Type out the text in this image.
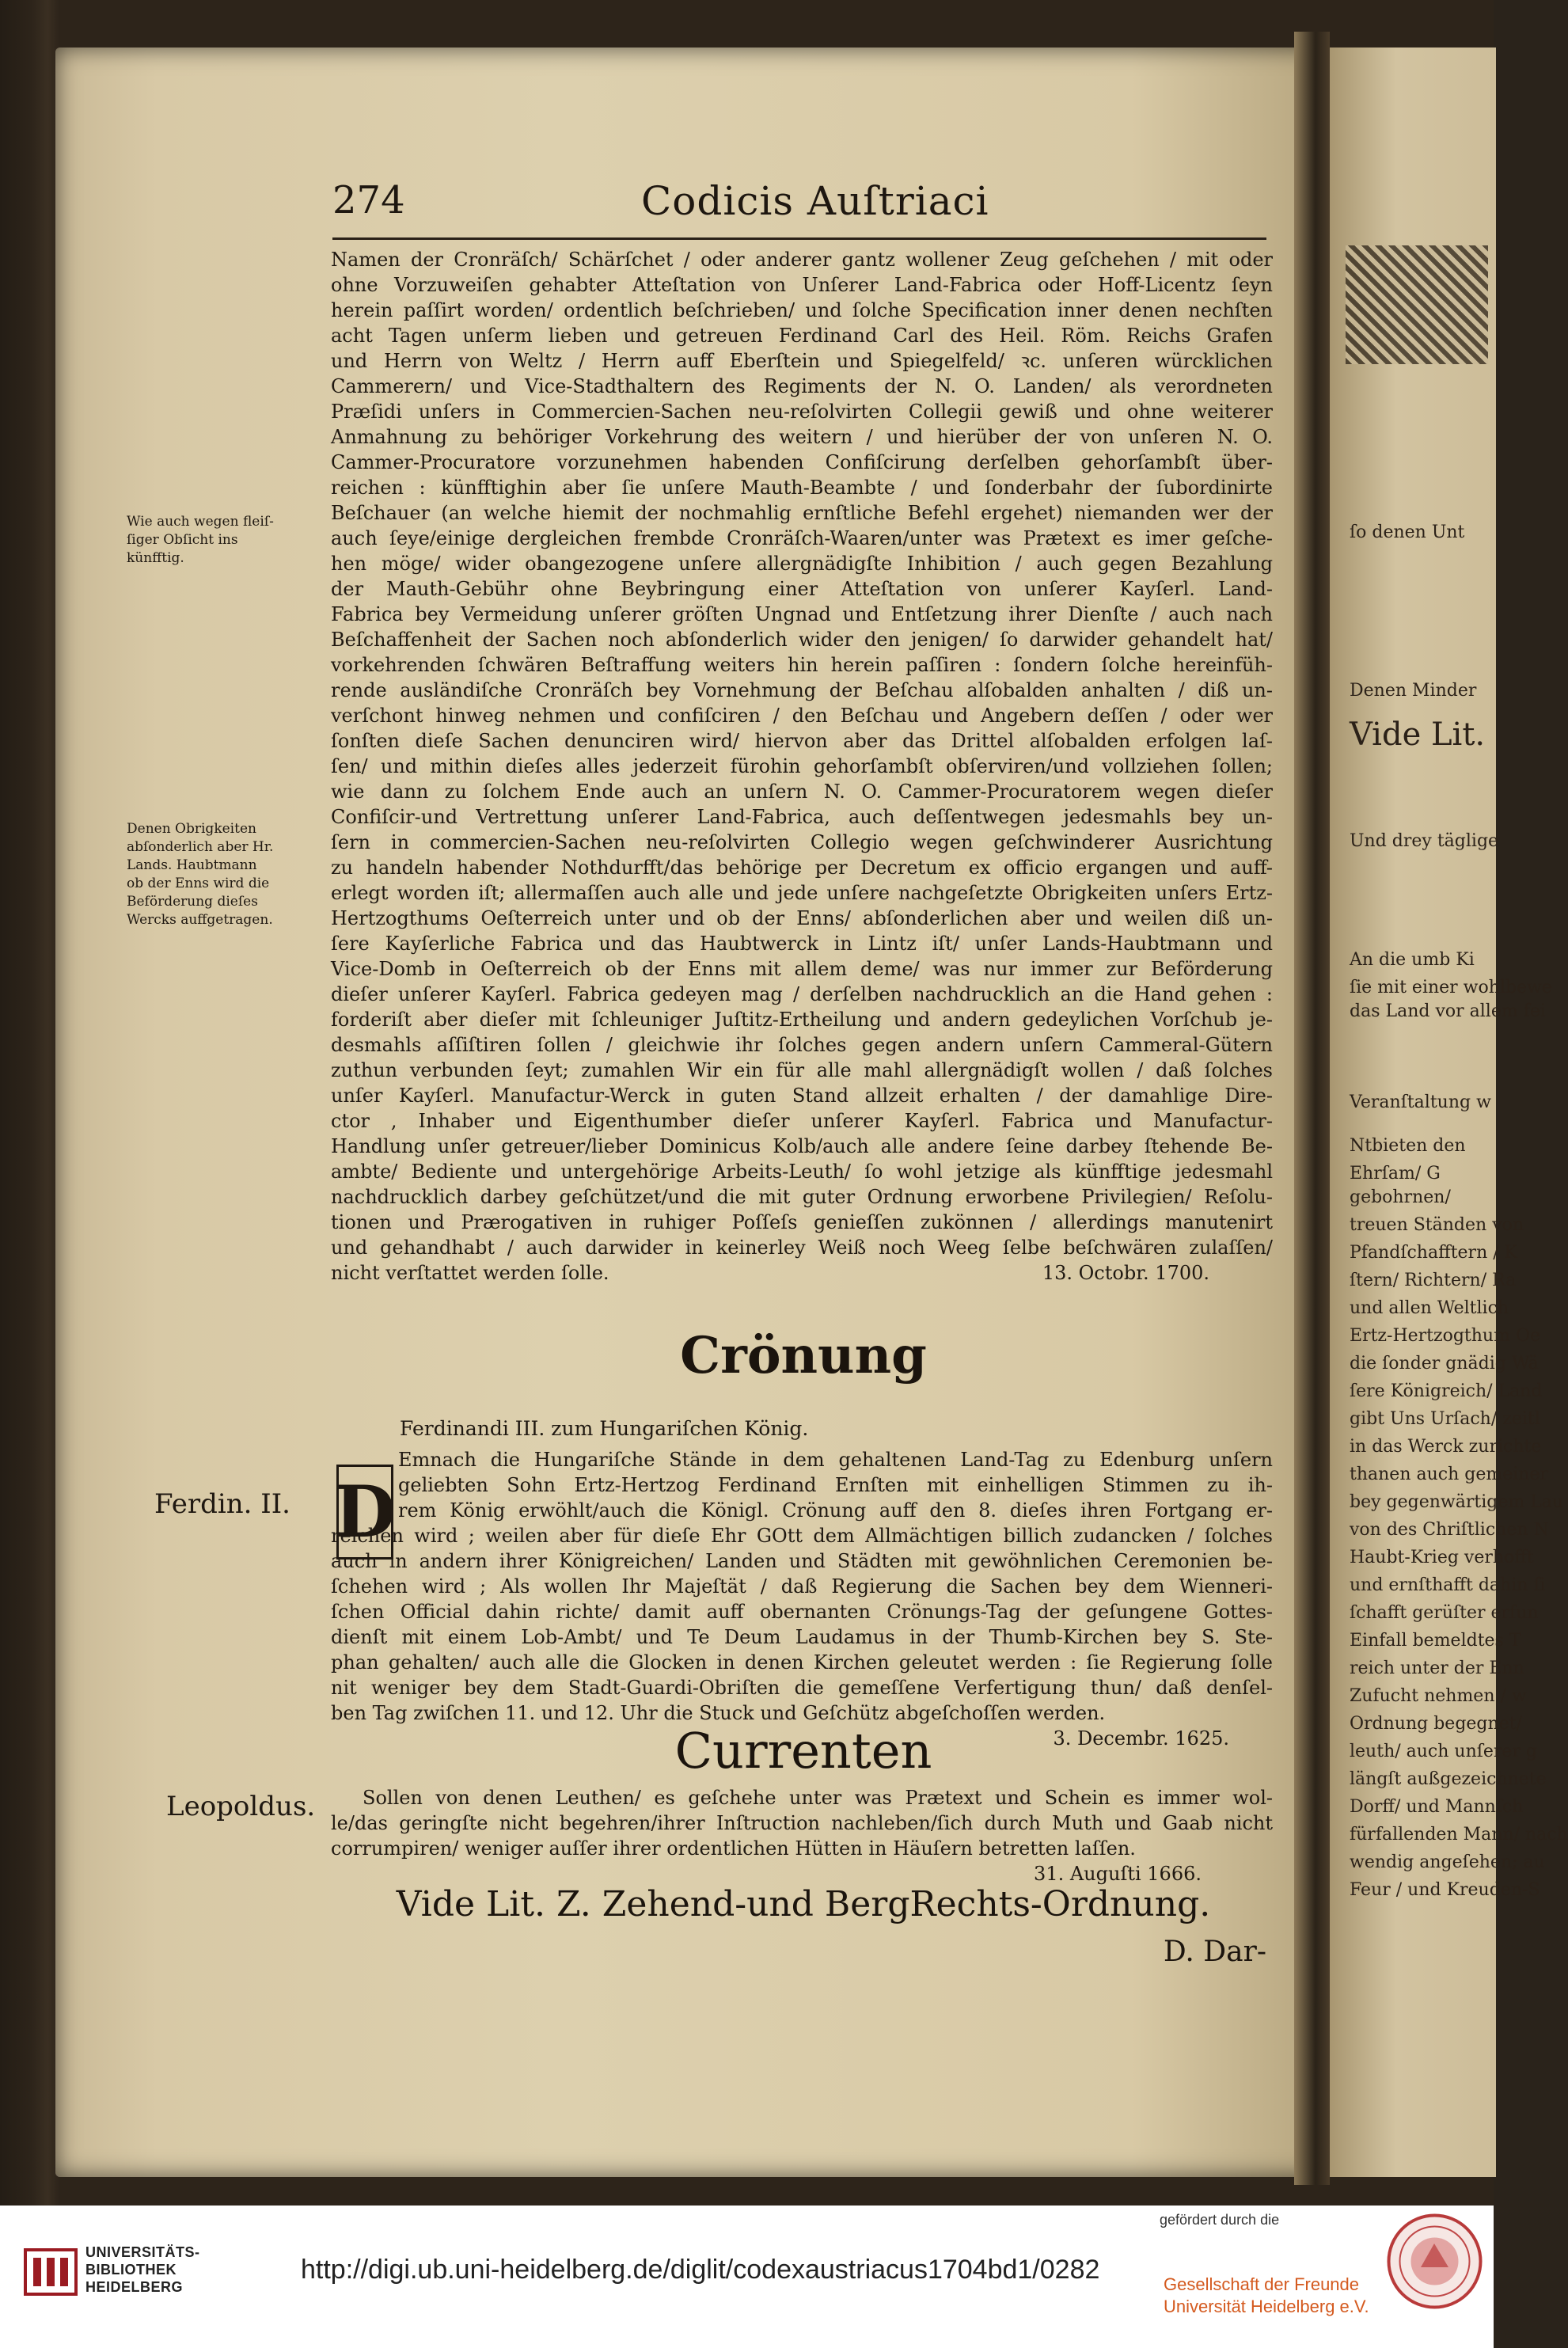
ſo denen Unt
Denen Minder
Vide Lit.
Und drey täglige
An die umb Ki
ſie mit einer wohlbewe
das Land vor allem fei
Veranſtaltung w
Ntbieten den
Ehrſam/ G
gebohrnen/
treuen Ständen von
Pfandſchafftern / K
ſtern/ Richtern/ Ra
und allen Weltlich
Ertz-Hertzogthum Oe
die ſonder gnädig Wä
ſere Königreich/ Land
gibt Uns Urſach/ zeitl
in das Werck zurichte
thanen auch gemeiner
bey gegenwärtigem Lau
von des Chriſtlichen N
Haubt-Krieg verhofft
und ernſthafft dahin ſi
ſchafft gerüſter erfun
Einfall bemeldtes T
reich unter der Enn
Zufucht nehmen / w
Ordnung begegnet/
leuth/ auch unſerer g
längſt außgezeichnete
Dorff/ und Mannſch
fürfallenden Mann/ nach
wendig angeſehen; au
Feur / und Kreuden-S
274	Codicis Auſtriaci
Namen der Cronräſch/ Schärſchet / oder anderer gantz wollener Zeug geſchehen / mit oder
ohne Vorzuweiſen gehabter Atteſtation von Unſerer Land-Fabrica oder Hoff-Licentz ſeyn
herein paſſirt worden/ ordentlich beſchrieben/ und ſolche Specification inner denen nechſten
acht Tagen unſerm lieben und getreuen Ferdinand Carl des Heil. Röm. Reichs Grafen
und Herrn von Weltz / Herrn auff Eberſtein und Spiegelfeld/ ꝛc. unſeren würcklichen
Cammerern/ und Vice-Stadthaltern des Regiments der N. O. Landen/ als verordneten
Præſidi unſers in Commercien-Sachen neu-reſolvirten Collegii gewiß und ohne weiterer
Anmahnung zu behöriger Vorkehrung des weitern / und hierüber der von unſeren N. O.
Cammer-Procuratore vorzunehmen habenden Confiſcirung derſelben gehorſambſt über-
reichen : künfftighin aber ſie unſere Mauth-Beambte / und ſonderbahr der ſubordinirte
Beſchauer (an welche hiemit der nochmahlig ernſtliche Befehl ergehet) niemanden wer der
auch ſeye/einige dergleichen frembde Cronräſch-Waaren/unter was Prætext es imer geſche-
hen möge/ wider obangezogene unſere allergnädigſte Inhibition / auch gegen Bezahlung
der Mauth-Gebühr ohne Beybringung einer Atteſtation von unſerer Kayſerl. Land-
Fabrica bey Vermeidung unſerer gröſten Ungnad und Entſetzung ihrer Dienſte / auch nach
Beſchaffenheit der Sachen noch abſonderlich wider den jenigen/ ſo darwider gehandelt hat/
vorkehrenden ſchwären Beſtraffung weiters hin herein paſſiren : ſondern ſolche hereinfüh-
rende ausländiſche Cronräſch bey Vornehmung der Beſchau alſobalden anhalten / diß un-
verſchont hinweg nehmen und confiſciren / den Beſchau und Angebern deſſen / oder wer
ſonſten dieſe Sachen denunciren wird/ hiervon aber das Drittel alſobalden erfolgen laſ-
ſen/ und mithin dieſes alles jederzeit fürohin gehorſambſt obſerviren/und vollziehen ſollen;
wie dann zu ſolchem Ende auch an unſern N. O. Cammer-Procuratorem wegen dieſer
Confiſcir-und Vertrettung unſerer Land-Fabrica, auch deſſentwegen jedesmahls bey un-
ſern in commercien-Sachen neu-reſolvirten Collegio wegen geſchwinderer Ausrichtung
zu handeln habender Nothdurfft/das behörige per Decretum ex officio ergangen und auff-
erlegt worden iſt; allermaſſen auch alle und jede unſere nachgeſetzte Obrigkeiten unſers Ertz-
Hertzogthums Oeſterreich unter und ob der Enns/ abſonderlichen aber und weilen diß un-
ſere Kayſerliche Fabrica und das Haubtwerck in Lintz iſt/ unſer Lands-Haubtmann und
Vice-Domb in Oeſterreich ob der Enns mit allem deme/ was nur immer zur Beförderung
dieſer unſerer Kayſerl. Fabrica gedeyen mag / derſelben nachdrucklich an die Hand gehen :
forderiſt aber dieſer mit ſchleuniger Juſtitz-Ertheilung und andern gedeylichen Vorſchub je-
desmahls aſſiſtiren ſollen / gleichwie ihr ſolches gegen andern unſern Cammeral-Gütern
zuthun verbunden ſeyt; zumahlen Wir ein für alle mahl allergnädigſt wollen / daß ſolches
unſer Kayſerl. Manufactur-Werck in guten Stand allzeit erhalten / der damahlige Dire-
ctor , Inhaber und Eigenthumber dieſer unſerer Kayſerl. Fabrica und Manufactur-
Handlung unſer getreuer/lieber Dominicus Kolb/auch alle andere ſeine darbey ſtehende Be-
ambte/ Bediente und untergehörige Arbeits-Leuth/ ſo wohl jetzige als künfftige jedesmahl
nachdrucklich darbey geſchützet/und die mit guter Ordnung erworbene Privilegien/ Reſolu-
tionen und Prærogativen in ruhiger Poſſeſs genieſſen zukönnen / allerdings manutenirt
und gehandhabt / auch darwider in keinerley Weiß noch Weeg ſelbe beſchwären zulaſſen/
nicht verſtattet werden ſolle.	13. Octobr. 1700.
Wie auch wegen fleiſ-
ſiger Obſicht ins
künfftig.
Denen Obrigkeiten
abſonderlich aber Hr.
Lands. Haubtmann
ob der Enns wird die
Beförderung dieſes
Wercks auffgetragen.
Crönung
Ferdinandi III. zum Hungariſchen König.
D
Ferdin. II.
Emnach die Hungariſche Stände in dem gehaltenen Land-Tag zu Edenburg unſern
geliebten Sohn Ertz-Hertzog Ferdinand Ernſten mit einhelligen Stimmen zu ih-
rem König erwöhlt/auch die Königl. Crönung auff den 8. dieſes ihren Fortgang er-
reichen wird ; weilen aber für dieſe Ehr GOtt dem Allmächtigen billich zudancken / ſolches
auch in andern ihrer Königreichen/ Landen und Städten mit gewöhnlichen Ceremonien be-
ſchehen wird ; Als wollen Ihr Majeſtät / daß Regierung die Sachen bey dem Wienneri-
ſchen Official dahin richte/ damit auff obernanten Crönungs-Tag der geſungene Gottes-
dienſt mit einem Lob-Ambt/ und Te Deum Laudamus in der Thumb-Kirchen bey S. Ste-
phan gehalten/ auch alle die Glocken in denen Kirchen geleutet werden : ſie Regierung ſolle
nit weniger bey dem Stadt-Guardi-Obriſten die gemeſſene Verfertigung thun/ daß denſel-
ben Tag zwiſchen 11. und 12. Uhr die Stuck und Geſchütz abgeſchoſſen werden.
3. Decembr. 1625.
Currenten
Leopoldus.	Sollen von denen Leuthen/ es geſchehe unter was Prætext und Schein es immer wol-
le/das geringſte nicht begehren/ihrer Inſtruction nachleben/ſich durch Muth und Gaab nicht
corrumpiren/ weniger auſſer ihrer ordentlichen Hütten in Häuſern betretten laſſen.
31. Auguſti 1666.
Vide Lit. Z. Zehend-und BergRechts-Ordnung.
D. Dar-
UNIVERSITÄTS-
BIBLIOTHEK
HEIDELBERG
http://digi.ub.uni-heidelberg.de/diglit/codexaustriacus1704bd1/0282
gefördert durch die
Gesellschaft der Freunde
Universität Heidelberg e.V.
